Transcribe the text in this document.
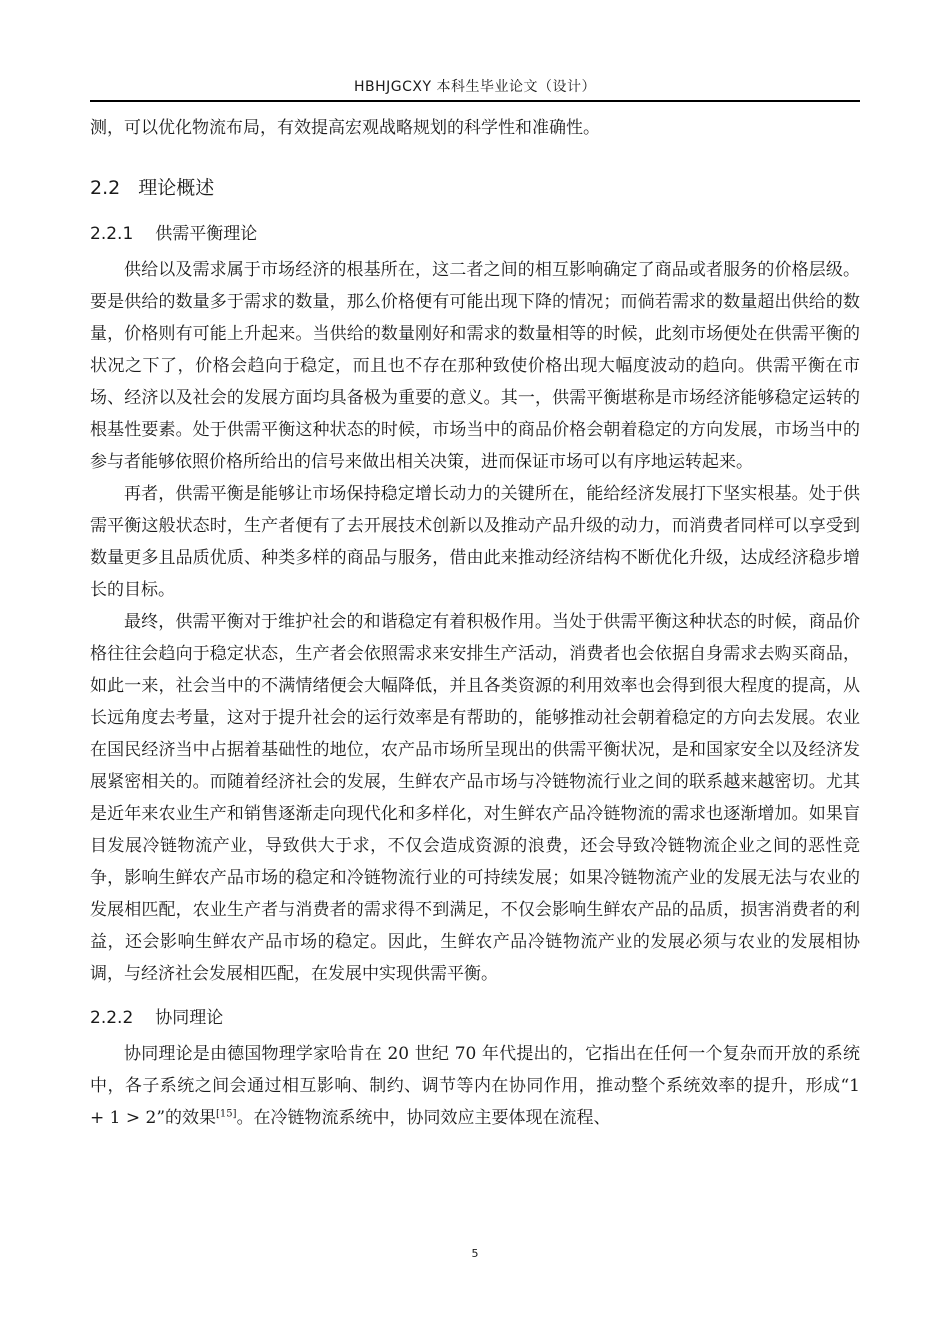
HBHJGCXY 本科生毕业论文（设计）

测，可以优化物流布局，有效提高宏观战略规划的科学性和准确性。

2.2 理论概述
2.2.1 供需平衡理论

供给以及需求属于市场经济的根基所在，这二者之间的相互影响确定了商品或者服务的价格层级。要是供给的数量多于需求的数量，那么价格便有可能出现下降的情况；而倘若需求的数量超出供给的数量，价格则有可能上升起来。当供给的数量刚好和需求的数量相等的时候，此刻市场便处在供需平衡的状况之下了，价格会趋向于稳定，而且也不存在那种致使价格出现大幅度波动的趋向。供需平衡在市场、经济以及社会的发展方面均具备极为重要的意义。其一，供需平衡堪称是市场经济能够稳定运转的根基性要素。处于供需平衡这种状态的时候，市场当中的商品价格会朝着稳定的方向发展，市场当中的参与者能够依照价格所给出的信号来做出相关决策，进而保证市场可以有序地运转起来。

再者，供需平衡是能够让市场保持稳定增长动力的关键所在，能给经济发展打下坚实根基。处于供需平衡这般状态时，生产者便有了去开展技术创新以及推动产品升级的动力，而消费者同样可以享受到数量更多且品质优质、种类多样的商品与服务，借由此来推动经济结构不断优化升级，达成经济稳步增长的目标。

最终，供需平衡对于维护社会的和谐稳定有着积极作用。当处于供需平衡这种状态的时候，商品价格往往会趋向于稳定状态，生产者会依照需求来安排生产活动，消费者也会依据自身需求去购买商品，如此一来，社会当中的不满情绪便会大幅降低，并且各类资源的利用效率也会得到很大程度的提高，从长远角度去考量，这对于提升社会的运行效率是有帮助的，能够推动社会朝着稳定的方向去发展。农业在国民经济当中占据着基础性的地位，农产品市场所呈现出的供需平衡状况，是和国家安全以及经济发展紧密相关的。而随着经济社会的发展，生鲜农产品市场与冷链物流行业之间的联系越来越密切。尤其是近年来农业生产和销售逐渐走向现代化和多样化，对生鲜农产品冷链物流的需求也逐渐增加。如果盲目发展冷链物流产业，导致供大于求，不仅会造成资源的浪费，还会导致冷链物流企业之间的恶性竞争，影响生鲜农产品市场的稳定和冷链物流行业的可持续发展；如果冷链物流产业的发展无法与农业的发展相匹配，农业生产者与消费者的需求得不到满足，不仅会影响生鲜农产品的品质，损害消费者的利益，还会影响生鲜农产品市场的稳定。因此，生鲜农产品冷链物流产业的发展必须与农业的发展相协调，与经济社会发展相匹配，在发展中实现供需平衡。

2.2.2 协同理论

协同理论是由德国物理学家哈肯在 20 世纪 70 年代提出的，它指出在任何一个复杂而开放的系统中，各子系统之间会通过相互影响、制约、调节等内在协同作用，推动整个系统效率的提升，形成“1 + 1 > 2”的效果[15]。在冷链物流系统中，协同效应主要体现在流程、

5
